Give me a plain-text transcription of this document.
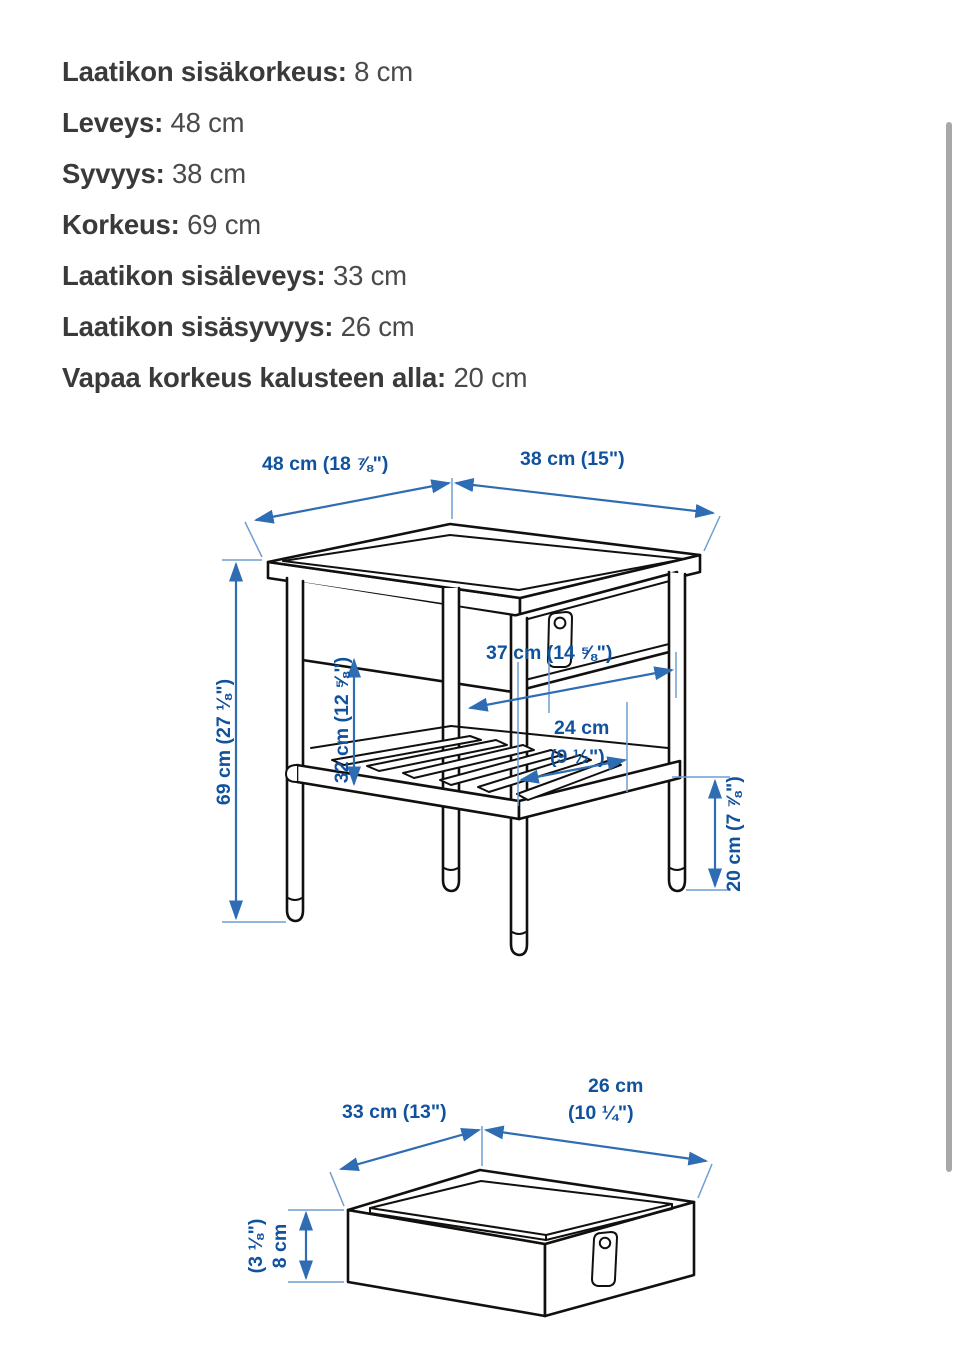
Laatikon sisäkorkeus: 8 cm
Leveys: 48 cm
Syvyys: 38 cm
Korkeus: 69 cm
Laatikon sisäleveys: 33 cm
Laatikon sisäsyvyys: 26 cm
Vapaa korkeus kalusteen alla: 20 cm
48 cm (18 ⅞")	38 cm (15")
69 cm (27 ⅛")	32 cm (12 ⅝")
37 cm (14 ⅝")
24 cm
(9 ½")
20 cm (7 ⅞")
33 cm (13")
26 cm
(10 ¼")
8 cm
(3 ⅛")
